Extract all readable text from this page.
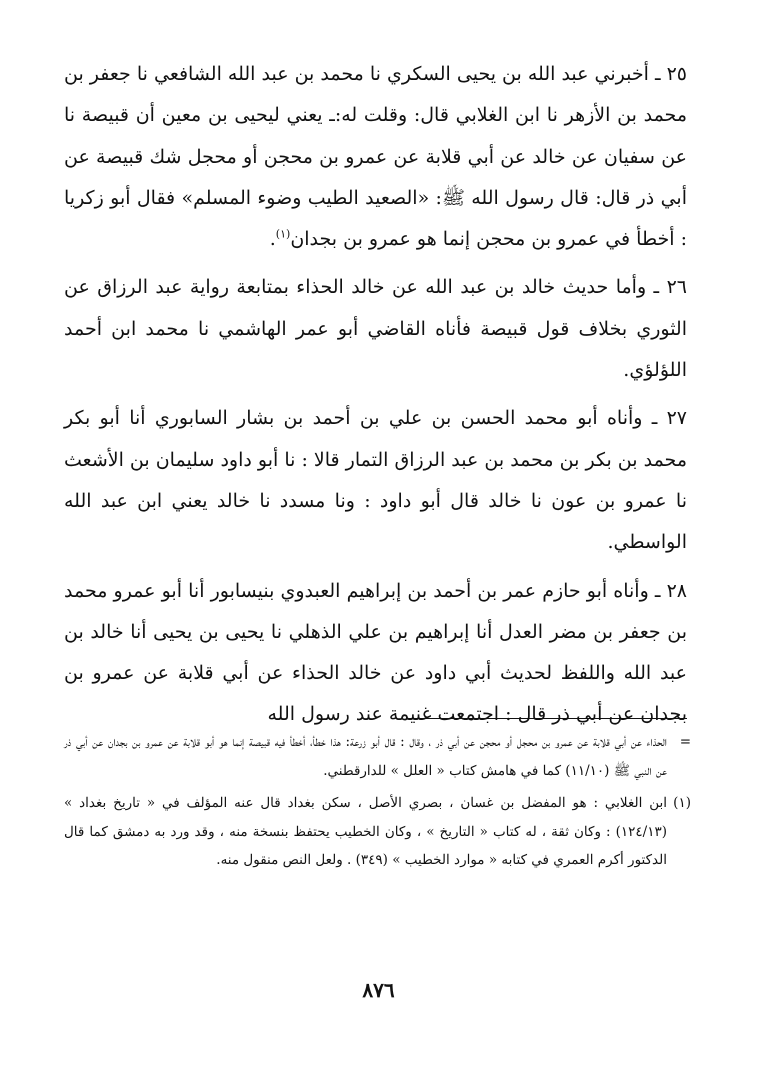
٢٥ ـ أخبرني عبد الله بن يحيى السكري نا محمد بن عبد الله الشافعي نا جعفر بن محمد بن الأزهر نا ابن الغلابي قال: وقلت له:ـ يعني ليحيى بن معين أن قبيصة نا عن سفيان عن خالد عن أبي قلابة عن عمرو بن محجن أو محجل شك قبيصة عن أبي ذر قال: قال رسول الله ﷺ: «الصعيد الطيب وضوء المسلم» فقال أبو زكريا : أخطأ في عمرو بن محجن إنما هو عمرو بن بجدان$^{(١)}$.

٢٦ ـ وأما حديث خالد بن عبد الله عن خالد الحذاء بمتابعة رواية عبد الرزاق عن الثوري بخلاف قول قبيصة فأناه القاضي أبو عمر الهاشمي نا محمد ابن أحمد اللؤلؤي.

٢٧ ـ وأناه أبو محمد الحسن بن علي بن أحمد بن بشار السابوري أنا أبو بكر محمد بن بكر بن محمد بن عبد الرزاق التمار قالا : نا أبو داود سليمان بن الأشعث نا عمرو بن عون نا خالد قال أبو داود : ونا مسدد نا خالد يعني ابن عبد الله الواسطي.

٢٨ ـ وأناه أبو حازم عمر بن أحمد بن إبراهيم العبدوي بنيسابور أنا أبو عمرو محمد بن جعفر بن مضر العدل أنا إبراهيم بن علي الذهلي نا يحيى بن يحيى أنا خالد بن عبد الله واللفظ لحديث أبي داود عن خالد الحذاء عن أبي قلابة عن عمرو بن بجدان عن أبي ذر قال : اجتمعت غنيمة عند رسول الله

=
الحذاء عن أبي قلابة عن عمرو بن محجل أو محجن عن أبي ذر ، وقال : قال أبو زرعة: هذا خطأ، أخطأ فيه قبيصة إنما هو أبو قلابة عن عمرو بن بجدان عن أبي ذر عن النبي ﷺ (١١/١٠) كما في هامش كتاب « العلل » للدارقطني.
(١)
ابن الغلابي : هو المفضل بن غسان ، بصري الأصل ، سكن بغداد قال عنه المؤلف في « تاريخ بغداد » (١٢٤/١٣) : وكان ثقة ، له كتاب « التاريخ » ، وكان الخطيب يحتفظ بنسخة منه ، وقد ورد به دمشق كما قال الدكتور أكرم العمري في كتابه « موارد الخطيب » (٣٤٩) . ولعل النص منقول منه.
٨٧٦
